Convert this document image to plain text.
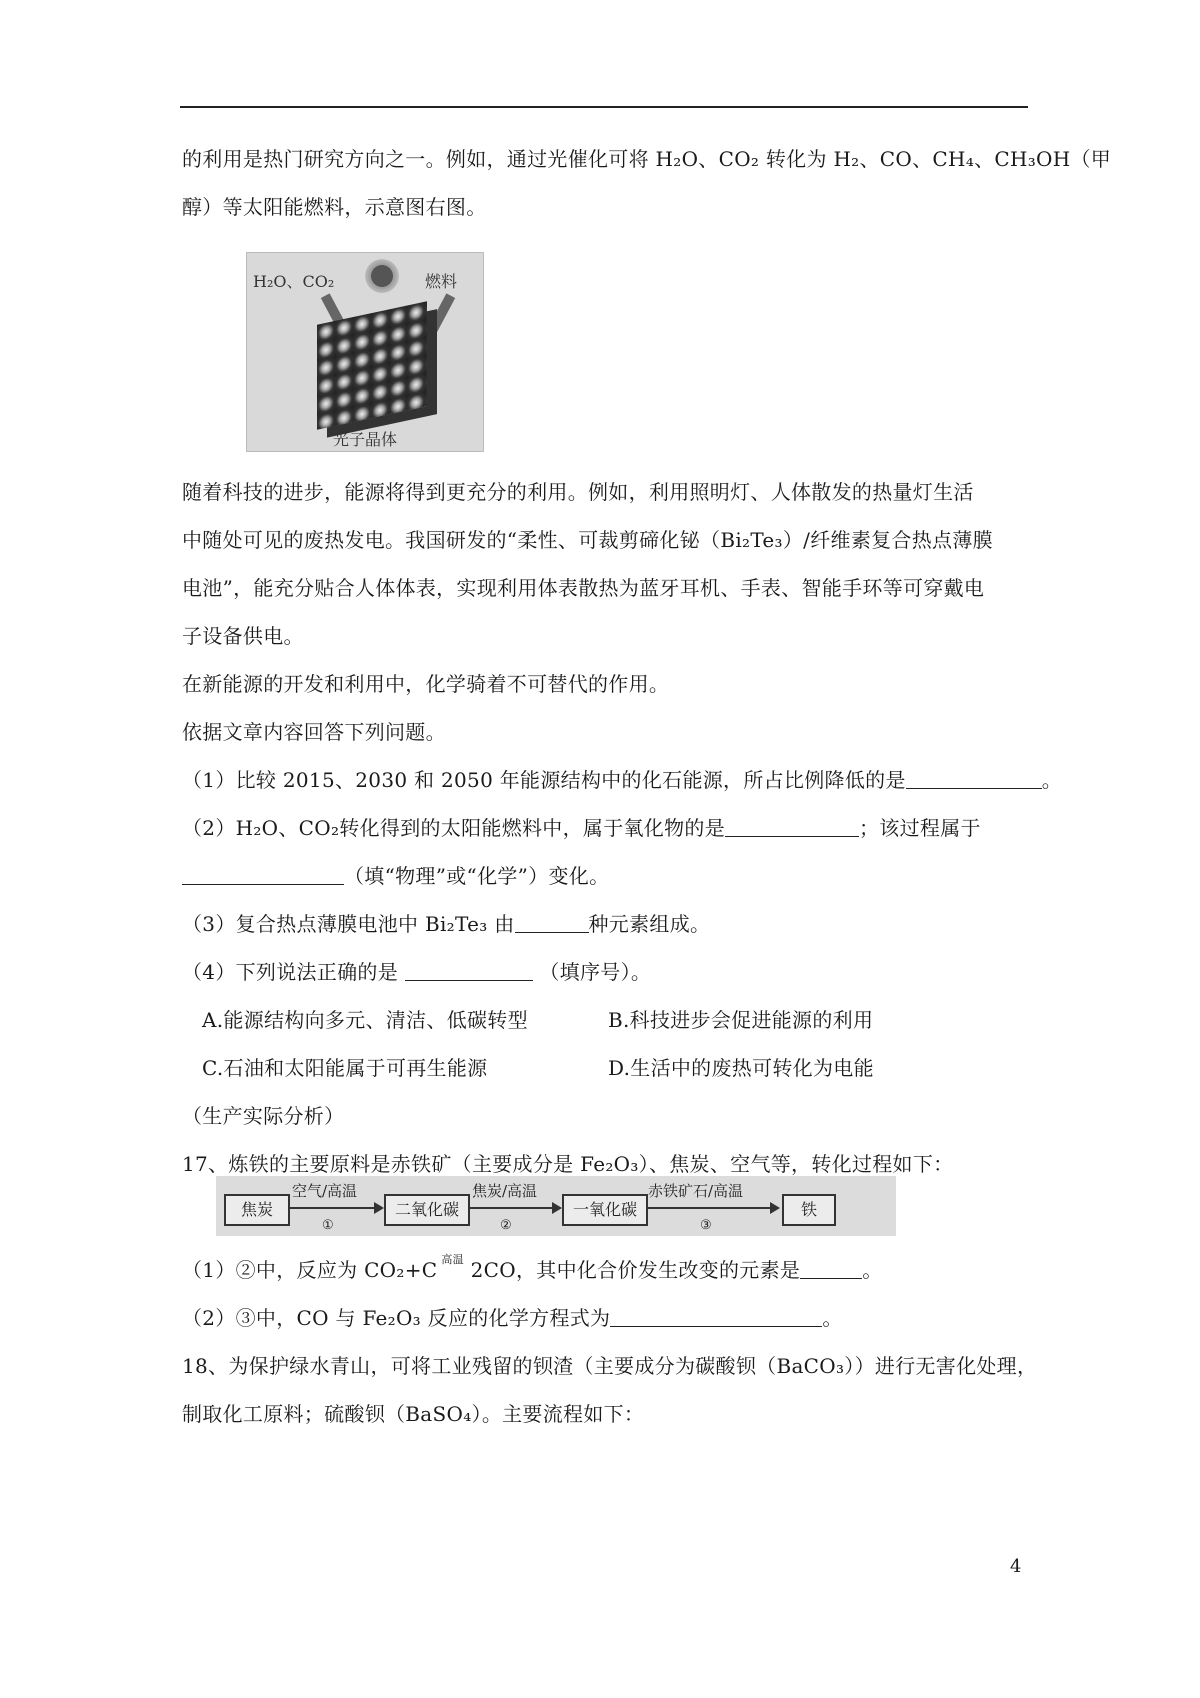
的利用是热门研究方向之一。例如，通过光催化可将 H₂O、CO₂ 转化为 H₂、CO、CH₄、CH₃OH（甲
醇）等太阳能燃料，示意图右图。
H₂O、CO₂	燃料
光子晶体
随着科技的进步，能源将得到更充分的利用。例如，利用照明灯、人体散发的热量灯生活
中随处可见的废热发电。我国研发的“柔性、可裁剪碲化铋（Bi₂Te₃）/纤维素复合热点薄膜
电池”，能充分贴合人体体表，实现利用体表散热为蓝牙耳机、手表、智能手环等可穿戴电
子设备供电。
在新能源的开发和利用中，化学骑着不可替代的作用。
依据文章内容回答下列问题。
（1）比较 2015、2030 和 2050 年能源结构中的化石能源，所占比例降低的是	。
（2）H₂O、CO₂转化得到的太阳能燃料中，属于氧化物的是	；该过程属于
（填“物理”或“化学”）变化。
（3）复合热点薄膜电池中 Bi₂Te₃ 由	种元素组成。
（4）下列说法正确的是	（填序号）。
A.能源结构向多元、清洁、低碳转型	B.科技进步会促进能源的利用
C.石油和太阳能属于可再生能源	D.生活中的废热可转化为电能
（生产实际分析）
17、炼铁的主要原料是赤铁矿（主要成分是 Fe₂O₃）、焦炭、空气等，转化过程如下：
焦炭
空气/高温
①
二氧化碳
焦炭/高温
②
一氧化碳
赤铁矿石/高温
③
铁
（1）②中，反应为 CO₂+C 高温 2CO，其中化合价发生改变的元素是	。
（2）③中，CO 与 Fe₂O₃ 反应的化学方程式为	。
18、为保护绿水青山，可将工业残留的钡渣（主要成分为碳酸钡（BaCO₃））进行无害化处理，
制取化工原料；硫酸钡（BaSO₄）。主要流程如下：
4
